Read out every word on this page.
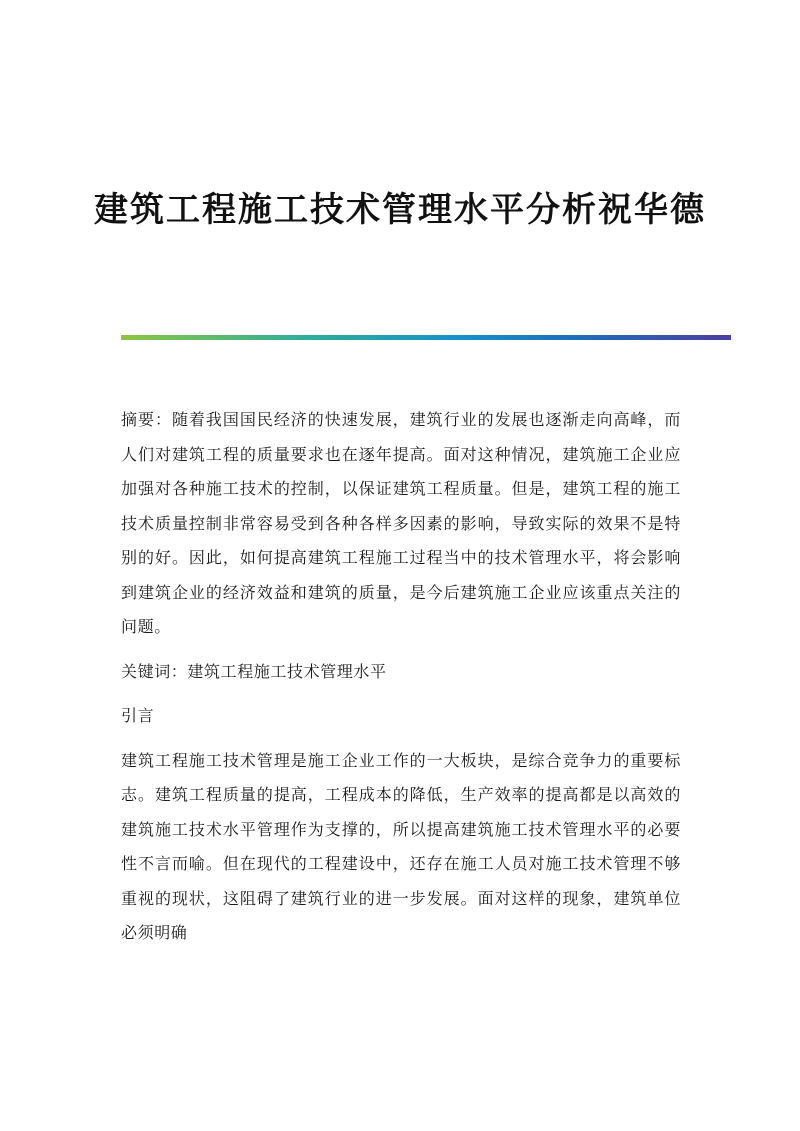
建筑工程施工技术管理水平分析祝华德

摘要：随着我国国民经济的快速发展，建筑行业的发展也逐渐走向高峰，而人们对建筑工程的质量要求也在逐年提高。面对这种情况，建筑施工企业应加强对各种施工技术的控制，以保证建筑工程质量。但是，建筑工程的施工技术质量控制非常容易受到各种各样多因素的影响，导致实际的效果不是特别的好。因此，如何提高建筑工程施工过程当中的技术管理水平，将会影响到建筑企业的经济效益和建筑的质量，是今后建筑施工企业应该重点关注的问题。

关键词：建筑工程施工技术管理水平

引言

建筑工程施工技术管理是施工企业工作的一大板块，是综合竞争力的重要标志。建筑工程质量的提高，工程成本的降低，生产效率的提高都是以高效的建筑施工技术水平管理作为支撑的，所以提高建筑施工技术管理水平的必要性不言而喻。但在现代的工程建设中，还存在施工人员对施工技术管理不够重视的现状，这阻碍了建筑行业的进一步发展。面对这样的现象，建筑单位必须明确
